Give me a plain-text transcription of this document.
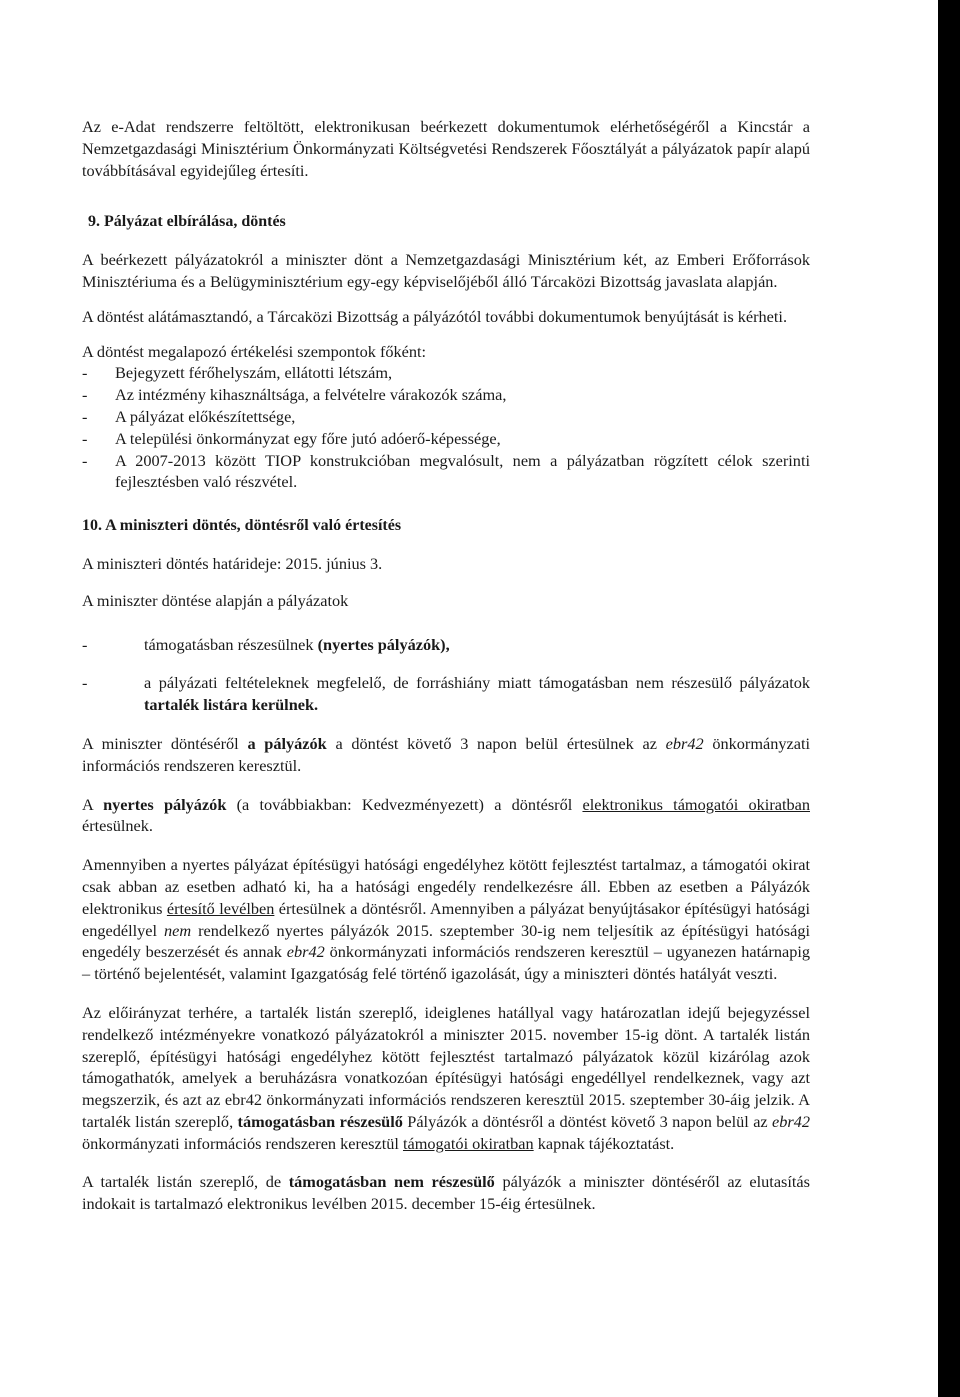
Az e-Adat rendszerre feltöltött, elektronikusan beérkezett dokumentumok elérhetőségéről a Kincstár a Nemzetgazdasági Minisztérium Önkormányzati Költségvetési Rendszerek Főosztályát a pályázatok papír alapú továbbításával egyidejűleg értesíti.

9. Pályázat elbírálása, döntés

A beérkezett pályázatokról a miniszter dönt a Nemzetgazdasági Minisztérium két, az Emberi Erőforrások Minisztériuma és a Belügyminisztérium egy-egy képviselőjéből álló Tárcaközi Bizottság javaslata alapján.

A döntést alátámasztandó, a Tárcaközi Bizottság a pályázótól további dokumentumok benyújtását is kérheti.

A döntést megalapozó értékelési szempontok főként:

- Bejegyzett férőhelyszám, ellátotti létszám,
- Az intézmény kihasználtsága, a felvételre várakozók száma,
- A pályázat előkészítettsége,
- A települési önkormányzat egy főre jutó adóerő-képessége,
- A 2007-2013 között TIOP konstrukcióban megvalósult, nem a pályázatban rögzített célok szerinti fejlesztésben való részvétel.
10. A miniszteri döntés, döntésről való értesítés

A miniszteri döntés határideje: 2015. június 3.

A miniszter döntése alapján a pályázatok

- támogatásban részesülnek (nyertes pályázók),
- a pályázati feltételeknek megfelelő, de forráshiány miatt támogatásban nem részesülő pályázatok tartalék listára kerülnek.

A miniszter döntéséről a pályázók a döntést követő 3 napon belül értesülnek az ebr42 önkormányzati információs rendszeren keresztül.

A nyertes pályázók (a továbbiakban: Kedvezményezett) a döntésről elektronikus támogatói okiratban értesülnek.

Amennyiben a nyertes pályázat építésügyi hatósági engedélyhez kötött fejlesztést tartalmaz, a támogatói okirat csak abban az esetben adható ki, ha a hatósági engedély rendelkezésre áll. Ebben az esetben a Pályázók elektronikus értesítő levélben értesülnek a döntésről. Amennyiben a pályázat benyújtásakor építésügyi hatósági engedéllyel nem rendelkező nyertes pályázók 2015. szeptember 30-ig nem teljesítik az építésügyi hatósági engedély beszerzését és annak ebr42 önkormányzati információs rendszeren keresztül – ugyanezen határnapig – történő bejelentését, valamint Igazgatóság felé történő igazolását, úgy a miniszteri döntés hatályát veszti.

Az előirányzat terhére, a tartalék listán szereplő, ideiglenes hatállyal vagy határozatlan idejű bejegyzéssel rendelkező intézményekre vonatkozó pályázatokról a miniszter 2015. november 15-ig dönt. A tartalék listán szereplő, építésügyi hatósági engedélyhez kötött fejlesztést tartalmazó pályázatok közül kizárólag azok támogathatók, amelyek a beruházásra vonatkozóan építésügyi hatósági engedéllyel rendelkeznek, vagy azt megszerzik, és azt az ebr42 önkormányzati információs rendszeren keresztül 2015. szeptember 30-áig jelzik. A tartalék listán szereplő, támogatásban részesülő Pályázók a döntésről a döntést követő 3 napon belül az ebr42 önkormányzati információs rendszeren keresztül támogatói okiratban kapnak tájékoztatást.

A tartalék listán szereplő, de támogatásban nem részesülő pályázók a miniszter döntéséről az elutasítás indokait is tartalmazó elektronikus levélben 2015. december 15-éig értesülnek.
